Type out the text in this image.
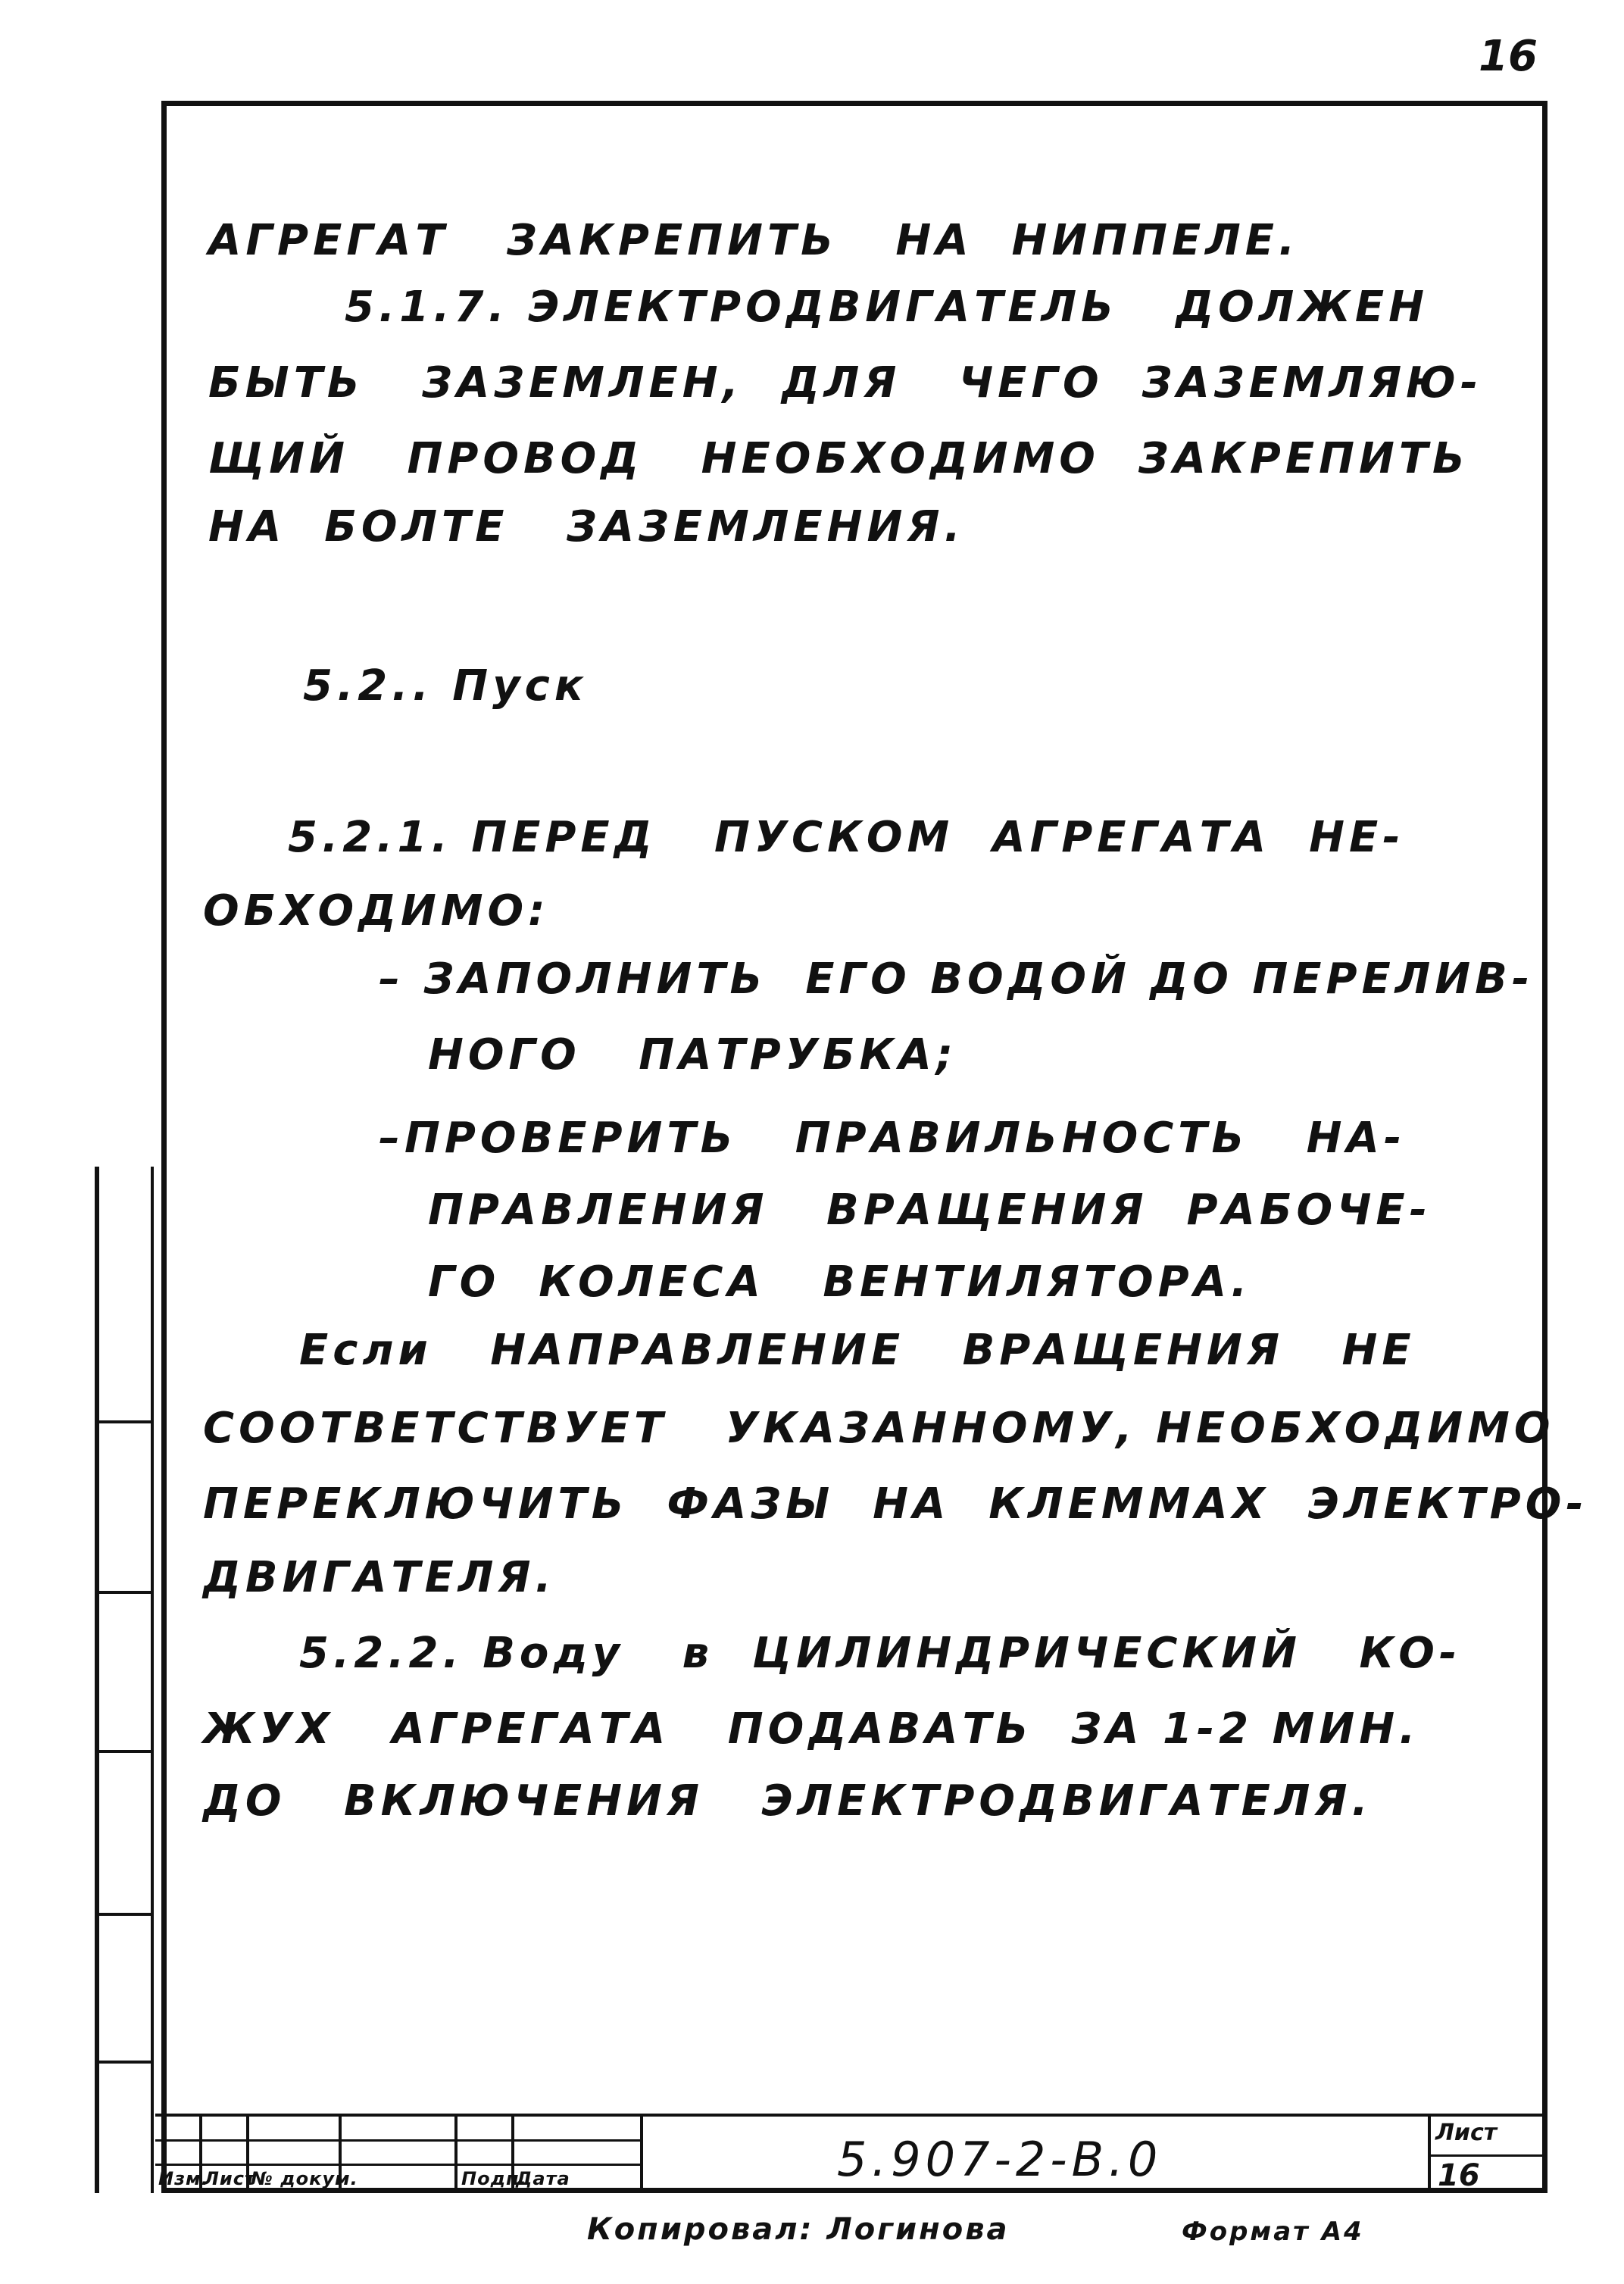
16
АГРЕГАТ   ЗАКРЕПИТЬ   НА  НИППЕЛЕ.
5.1.7. ЭЛЕКТРОДВИГАТЕЛЬ   ДОЛЖЕН
БЫТЬ   ЗАЗЕМЛЕН,  ДЛЯ   ЧЕГО  ЗАЗЕМЛЯЮ-
ЩИЙ   ПРОВОД   НЕОБХОДИМО  ЗАКРЕПИТЬ
НА  БОЛТЕ   ЗАЗЕМЛЕНИЯ.
5.2.. Пуск
5.2.1. ПЕРЕД   ПУСКОМ  АГРЕГАТА  НЕ-
ОБХОДИМО:
– ЗАПОЛНИТЬ  ЕГО ВОДОЙ ДО ПЕРЕЛИВ-
НОГО   ПАТРУБКА;
–ПРОВЕРИТЬ   ПРАВИЛЬНОСТЬ   НА-
ПРАВЛЕНИЯ   ВРАЩЕНИЯ  РАБОЧЕ-
ГО  КОЛЕСА   ВЕНТИЛЯТОРА.
Если   НАПРАВЛЕНИЕ   ВРАЩЕНИЯ   НЕ
СООТВЕТСТВУЕТ   УКАЗАННОМУ, НЕОБХОДИМО
ПЕРЕКЛЮЧИТЬ  ФАЗЫ  НА  КЛЕММАХ  ЭЛЕКТРО-
ДВИГАТЕЛЯ.
5.2.2. Воду   в  ЦИЛИНДРИЧЕСКИЙ   КО-
ЖУХ   АГРЕГАТА   ПОДАВАТЬ  ЗА 1-2 МИН.
ДО   ВКЛЮЧЕНИЯ   ЭЛЕКТРОДВИГАТЕЛЯ.
Изм.
Лист
№ докум.	Подп.
Дата	5.907-2-В.0	Лист
16
Копировал: Логинова	Формат А4
